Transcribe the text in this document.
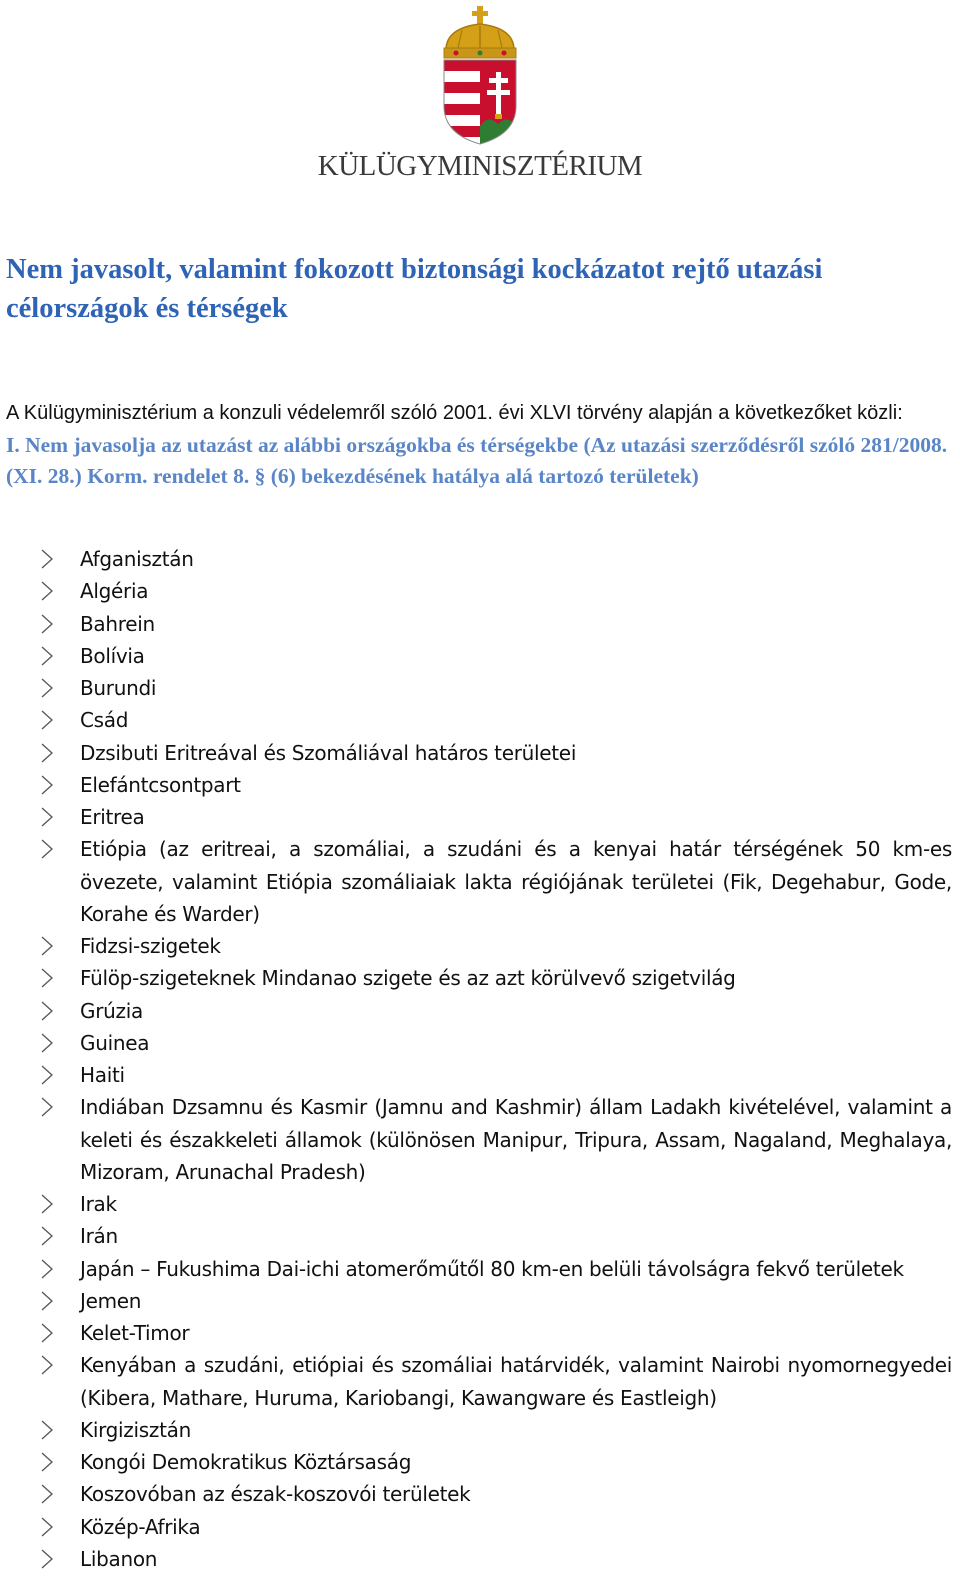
KÜLÜGYMINISZTÉRIUM
Nem javasolt, valamint fokozott biztonsági kockázatot rejtő utazási célországok és térségek
A Külügyminisztérium a konzuli védelemről szóló 2001. évi XLVI törvény alapján a következőket közli:
I. Nem javasolja az utazást az alábbi országokba és térségekbe (Az utazási szerződésről szóló 281/2008. (XI. 28.) Korm. rendelet 8. § (6) bekezdésének hatálya alá tartozó területek)
Afganisztán
Algéria
Bahrein
Bolívia
Burundi
Csád
Dzsibuti Eritreával és Szomáliával határos területei
Elefántcsontpart
Eritrea
Etiópia (az eritreai, a szomáliai, a szudáni és a kenyai határ térségének 50 km-es övezete, valamint Etiópia szomáliaiak lakta régiójának területei (Fik, Degehabur, Gode, Korahe és Warder)
Fidzsi-szigetek
Fülöp-szigeteknek Mindanao szigete és az azt körülvevő szigetvilág
Grúzia
Guinea
Haiti
Indiában Dzsamnu és Kasmir (Jamnu and Kashmir) állam Ladakh kivételével, valamint a keleti és északkeleti államok (különösen Manipur, Tripura, Assam, Nagaland, Meghalaya, Mizoram, Arunachal Pradesh)
Irak
Irán
Japán – Fukushima Dai-ichi atomerőműtől 80 km-en belüli távolságra fekvő területek
Jemen
Kelet-Timor
Kenyában a szudáni, etiópiai és szomáliai határvidék, valamint Nairobi nyomornegyedei (Kibera, Mathare, Huruma, Kariobangi, Kawangware és Eastleigh)
Kirgizisztán
Kongói Demokratikus Köztársaság
Koszovóban az észak-koszovói területek
Közép-Afrika
Libanon
